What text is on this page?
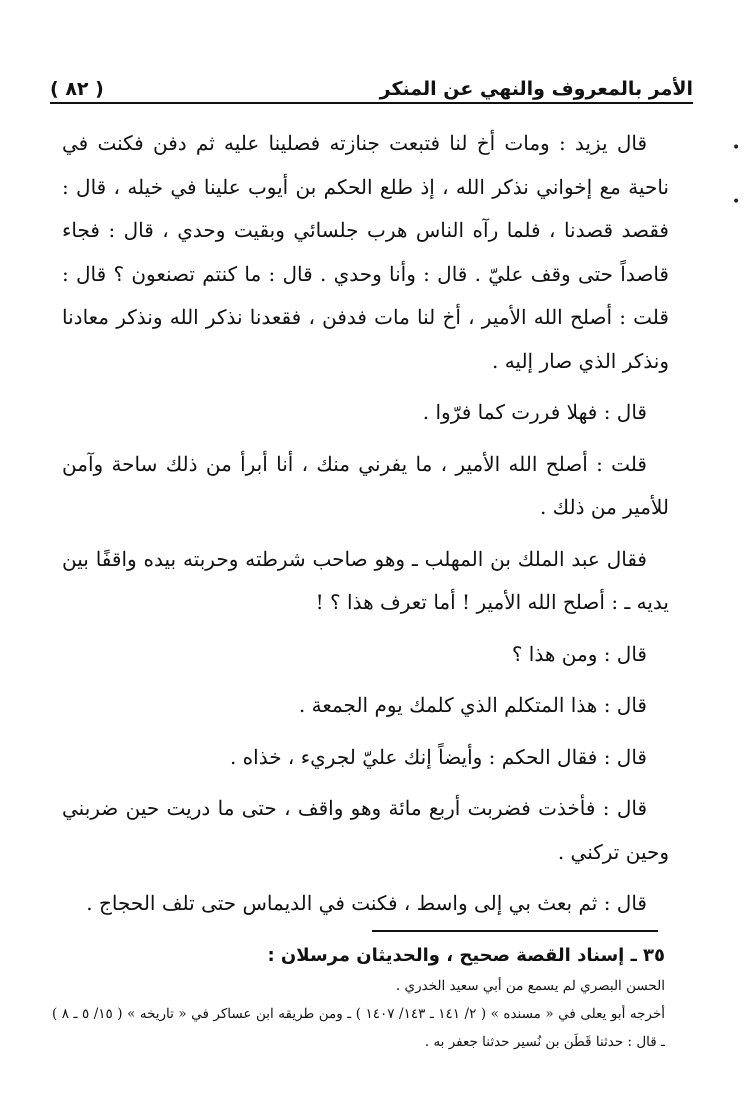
( ٨٢ )	الأمر بالمعروف والنهي عن المنكر
•
•

قال يزيد : ومات أخ لنا فتبعت جنازته فصلينا عليه ثم دفن فكنت في ناحية مع إخواني نذكر الله ، إذ طلع الحكم بن أيوب علينا في خيله ، قال : فقصد قصدنا ، فلما رآه الناس هرب جلسائي وبقيت وحدي ، قال : فجاء قاصداً حتى وقف عليّ . قال : وأنا وحدي . قال : ما كنتم تصنعون ؟ قال : قلت : أصلح الله الأمير ، أخ لنا مات فدفن ، فقعدنا نذكر الله ونذكر معادنا ونذكر الذي صار إليه .

قال : فهلا فررت كما فرّوا .

قلت : أصلح الله الأمير ، ما يفرني منك ، أنا أبرأ من ذلك ساحة وآمن للأمير من ذلك .

فقال عبد الملك بن المهلب ـ وهو صاحب شرطته وحربته بيده واقفًا بين يديه ـ : أصلح الله الأمير ! أما تعرف هذا ؟ !

قال : ومن هذا ؟

قال : هذا المتكلم الذي كلمك يوم الجمعة .

قال : فقال الحكم : وأيضاً إنك عليّ لجريء ، خذاه .

قال : فأخذت فضربت أربع مائة وهو واقف ، حتى ما دريت حين ضربني وحين تركني .

قال : ثم بعث بي إلى واسط ، فكنت في الديماس حتى تلف الحجاج .

٣٥ ـ إسناد القصة صحيح ، والحديثان مرسلان :

الحسن البصري لم يسمع من أبي سعيد الخدري .

أخرجه أبو يعلى في « مسنده » ( ٢/ ١٤١ ـ ١٤٣/ ١٤٠٧ ) ـ ومن طريقه ابن عساكر في « تاريخه » ( ١٥/ ٥ ـ ٨ ) ـ قال : حدثنا قَطَن بن نُسير حدثنا جعفر به .
